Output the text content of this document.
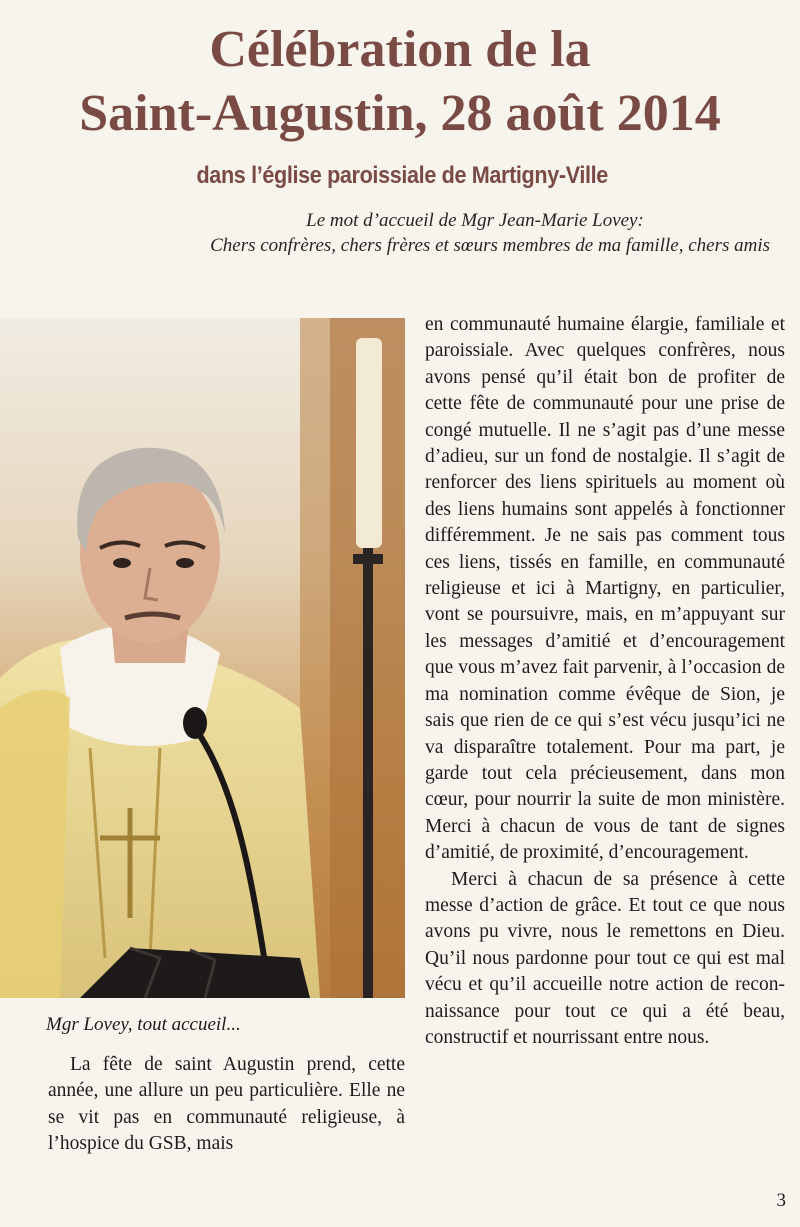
Célébration de la
Saint-Augustin, 28 août 2014
dans l’église paroissiale de Martigny-Ville
Le mot d’accueil de Mgr Jean-Marie Lovey:
Chers confrères, chers frères et sœurs membres de ma famille, chers amis
Mgr Lovey, tout accueil...

La fête de saint Augustin prend, cette année, une allure un peu particulière. Elle ne se vit pas en communauté religieuse, à l’hospice du GSB, mais

en communauté humaine élargie, familiale et paroissiale. Avec quelques confrères, nous avons pensé qu’il était bon de profiter de cette fête de communauté pour une prise de congé mutuelle. Il ne s’agit pas d’une messe d’adieu, sur un fond de nostalgie. Il s’agit de renforcer des liens spirituels au moment où des liens humains sont appelés à fonctionner différemment. Je ne sais pas comment tous ces liens, tissés en famille, en communauté religieuse et ici à Martigny, en particulier, vont se poursuivre, mais, en m’appuyant sur les messages d’amitié et d’encouragement que vous m’avez fait parvenir, à l’occasion de ma nomination comme évêque de Sion, je sais que rien de ce qui s’est vécu jusqu’ici ne va disparaître totalement. Pour ma part, je garde tout cela précieusement, dans mon cœur, pour nourrir la suite de mon ministère. Merci à chacun de vous de tant de signes d’amitié, de proximité, d’encouragement.

Merci à chacun de sa présence à cette messe d’action de grâce. Et tout ce que nous avons pu vivre, nous le remettons en Dieu. Qu’il nous pardonne pour tout ce qui est mal vécu et qu’il accueille notre action de reconnaissance pour tout ce qui a été beau, constructif et nourrissant entre nous.

3
